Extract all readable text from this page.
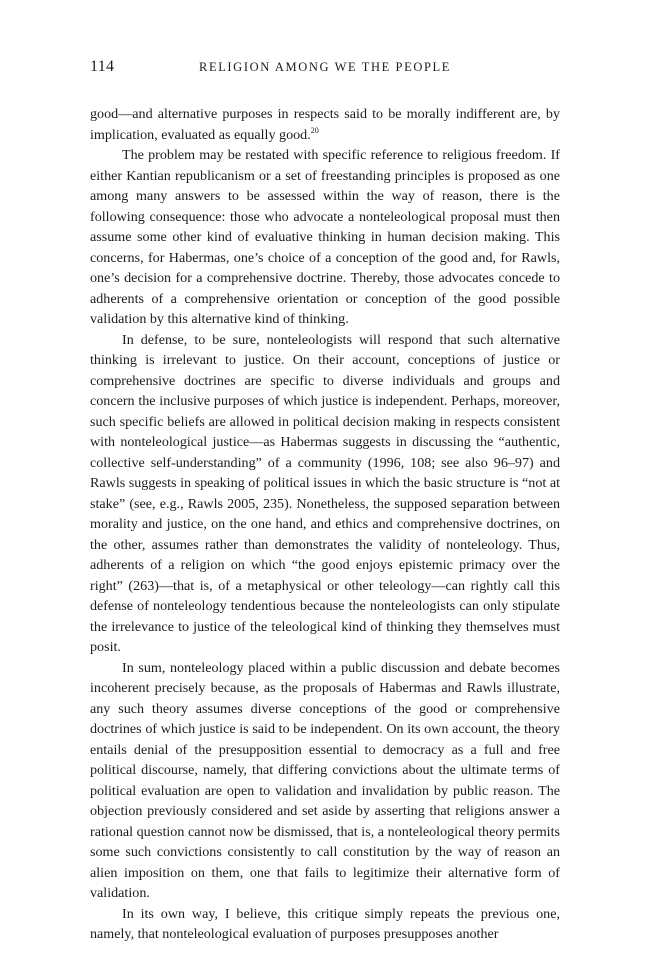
114	RELIGION AMONG WE THE PEOPLE

good—and alternative purposes in respects said to be morally indifferent are, by implication, evaluated as equally good.$^{20}$

The problem may be restated with specific reference to religious freedom. If either Kantian republicanism or a set of freestanding principles is proposed as one among many answers to be assessed within the way of reason, there is the following consequence: those who advocate a nonteleological proposal must then assume some other kind of evaluative thinking in human decision making. This concerns, for Habermas, one’s choice of a conception of the good and, for Rawls, one’s decision for a comprehensive doctrine. Thereby, those advocates concede to adherents of a comprehensive orientation or conception of the good possible validation by this alternative kind of thinking.

In defense, to be sure, nonteleologists will respond that such alternative thinking is irrelevant to justice. On their account, conceptions of justice or comprehensive doctrines are specific to diverse individuals and groups and concern the inclusive purposes of which justice is independent. Perhaps, moreover, such specific beliefs are allowed in political decision making in respects consistent with nonteleological justice—as Habermas suggests in discussing the “authentic, collective self-understanding” of a community (1996, 108; see also 96–97) and Rawls suggests in speaking of political issues in which the basic structure is “not at stake” (see, e.g., Rawls 2005, 235). Nonetheless, the supposed separation between morality and justice, on the one hand, and ethics and comprehensive doctrines, on the other, assumes rather than demonstrates the validity of nonteleology. Thus, adherents of a religion on which “the good enjoys epistemic primacy over the right” (263)—that is, of a metaphysical or other teleology—can rightly call this defense of nonteleology tendentious because the nonteleologists can only stipulate the irrelevance to justice of the teleological kind of thinking they themselves must posit.

In sum, nonteleology placed within a public discussion and debate becomes incoherent precisely because, as the proposals of Habermas and Rawls illustrate, any such theory assumes diverse conceptions of the good or comprehensive doctrines of which justice is said to be independent. On its own account, the theory entails denial of the presupposition essential to democracy as a full and free political discourse, namely, that differing convictions about the ultimate terms of political evaluation are open to validation and invalidation by public reason. The objection previously considered and set aside by asserting that religions answer a rational question cannot now be dismissed, that is, a nonteleological theory permits some such convictions consistently to call constitution by the way of reason an alien imposition on them, one that fails to legitimize their alternative form of validation.

In its own way, I believe, this critique simply repeats the previous one, namely, that nonteleological evaluation of purposes presupposes another
